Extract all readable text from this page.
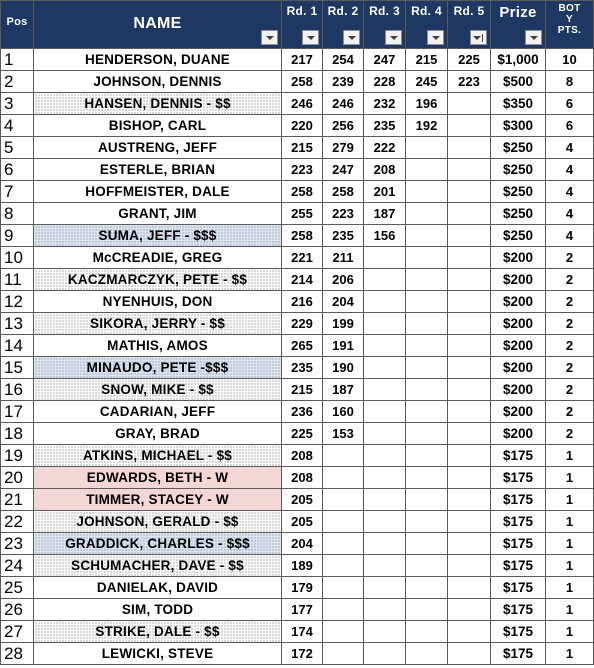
Pos	NAME	Rd. 1	Rd. 2	Rd. 3	Rd. 4	Rd. 5	Prize	BOT
Y
PTS.

1	HENDERSON, DUANE	217	254	247	215	225	$1,000	10
2	JOHNSON, DENNIS	258	239	228	245	223	$500	8
3	HANSEN, DENNIS - $$	246	246	232	196		$350	6
4	BISHOP, CARL	220	256	235	192		$300	6
5	AUSTRENG, JEFF	215	279	222			$250	4
6	ESTERLE, BRIAN	223	247	208			$250	4
7	HOFFMEISTER, DALE	258	258	201			$250	4
8	GRANT, JIM	255	223	187			$250	4
9	SUMA, JEFF - $$$	258	235	156			$250	4
10	McCREADIE, GREG	221	211				$200	2
11	KACZMARCZYK, PETE - $$	214	206				$200	2
12	NYENHUIS, DON	216	204				$200	2
13	SIKORA, JERRY - $$	229	199				$200	2
14	MATHIS, AMOS	265	191				$200	2
15	MINAUDO, PETE -$$$	235	190				$200	2
16	SNOW, MIKE - $$	215	187				$200	2
17	CADARIAN, JEFF	236	160				$200	2
18	GRAY, BRAD	225	153				$200	2
19	ATKINS, MICHAEL - $$	208					$175	1
20	EDWARDS, BETH - W	208					$175	1
21	TIMMER, STACEY - W	205					$175	1
22	JOHNSON, GERALD - $$	205					$175	1
23	GRADDICK, CHARLES - $$$	204					$175	1
24	SCHUMACHER, DAVE - $$	189					$175	1
25	DANIELAK, DAVID	179					$175	1
26	SIM, TODD	177					$175	1
27	STRIKE, DALE - $$	174					$175	1
28	LEWICKI, STEVE	172					$175	1
